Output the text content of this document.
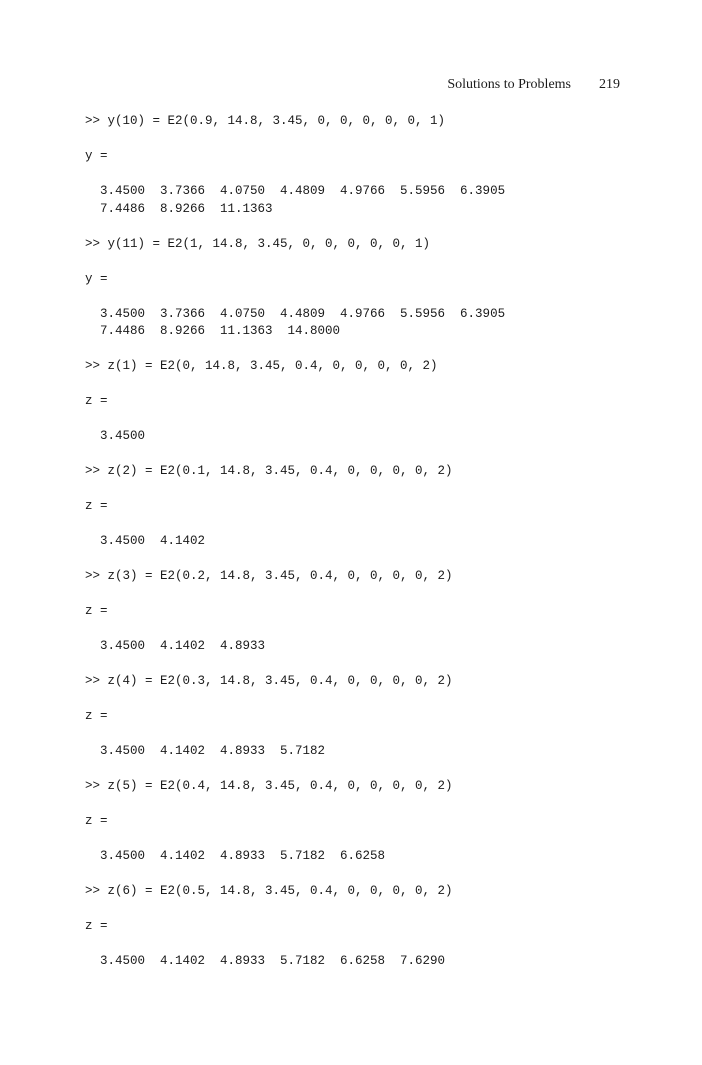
Solutions to Problems 219
>> y(10) = E2(0.9, 14.8, 3.45, 0, 0, 0, 0, 0, 1)
y =
3.4500  3.7366  4.0750  4.4809  4.9766  5.5956  6.3905
7.4486  8.9266  11.1363
>> y(11) = E2(1, 14.8, 3.45, 0, 0, 0, 0, 0, 1)
y =
3.4500  3.7366  4.0750  4.4809  4.9766  5.5956  6.3905
7.4486  8.9266  11.1363  14.8000
>> z(1) = E2(0, 14.8, 3.45, 0.4, 0, 0, 0, 0, 2)
z =
3.4500
>> z(2) = E2(0.1, 14.8, 3.45, 0.4, 0, 0, 0, 0, 2)
z =
3.4500  4.1402
>> z(3) = E2(0.2, 14.8, 3.45, 0.4, 0, 0, 0, 0, 2)
z =
3.4500  4.1402  4.8933
>> z(4) = E2(0.3, 14.8, 3.45, 0.4, 0, 0, 0, 0, 2)
z =
3.4500  4.1402  4.8933  5.7182
>> z(5) = E2(0.4, 14.8, 3.45, 0.4, 0, 0, 0, 0, 2)
z =
3.4500  4.1402  4.8933  5.7182  6.6258
>> z(6) = E2(0.5, 14.8, 3.45, 0.4, 0, 0, 0, 0, 2)
z =
3.4500  4.1402  4.8933  5.7182  6.6258  7.6290
